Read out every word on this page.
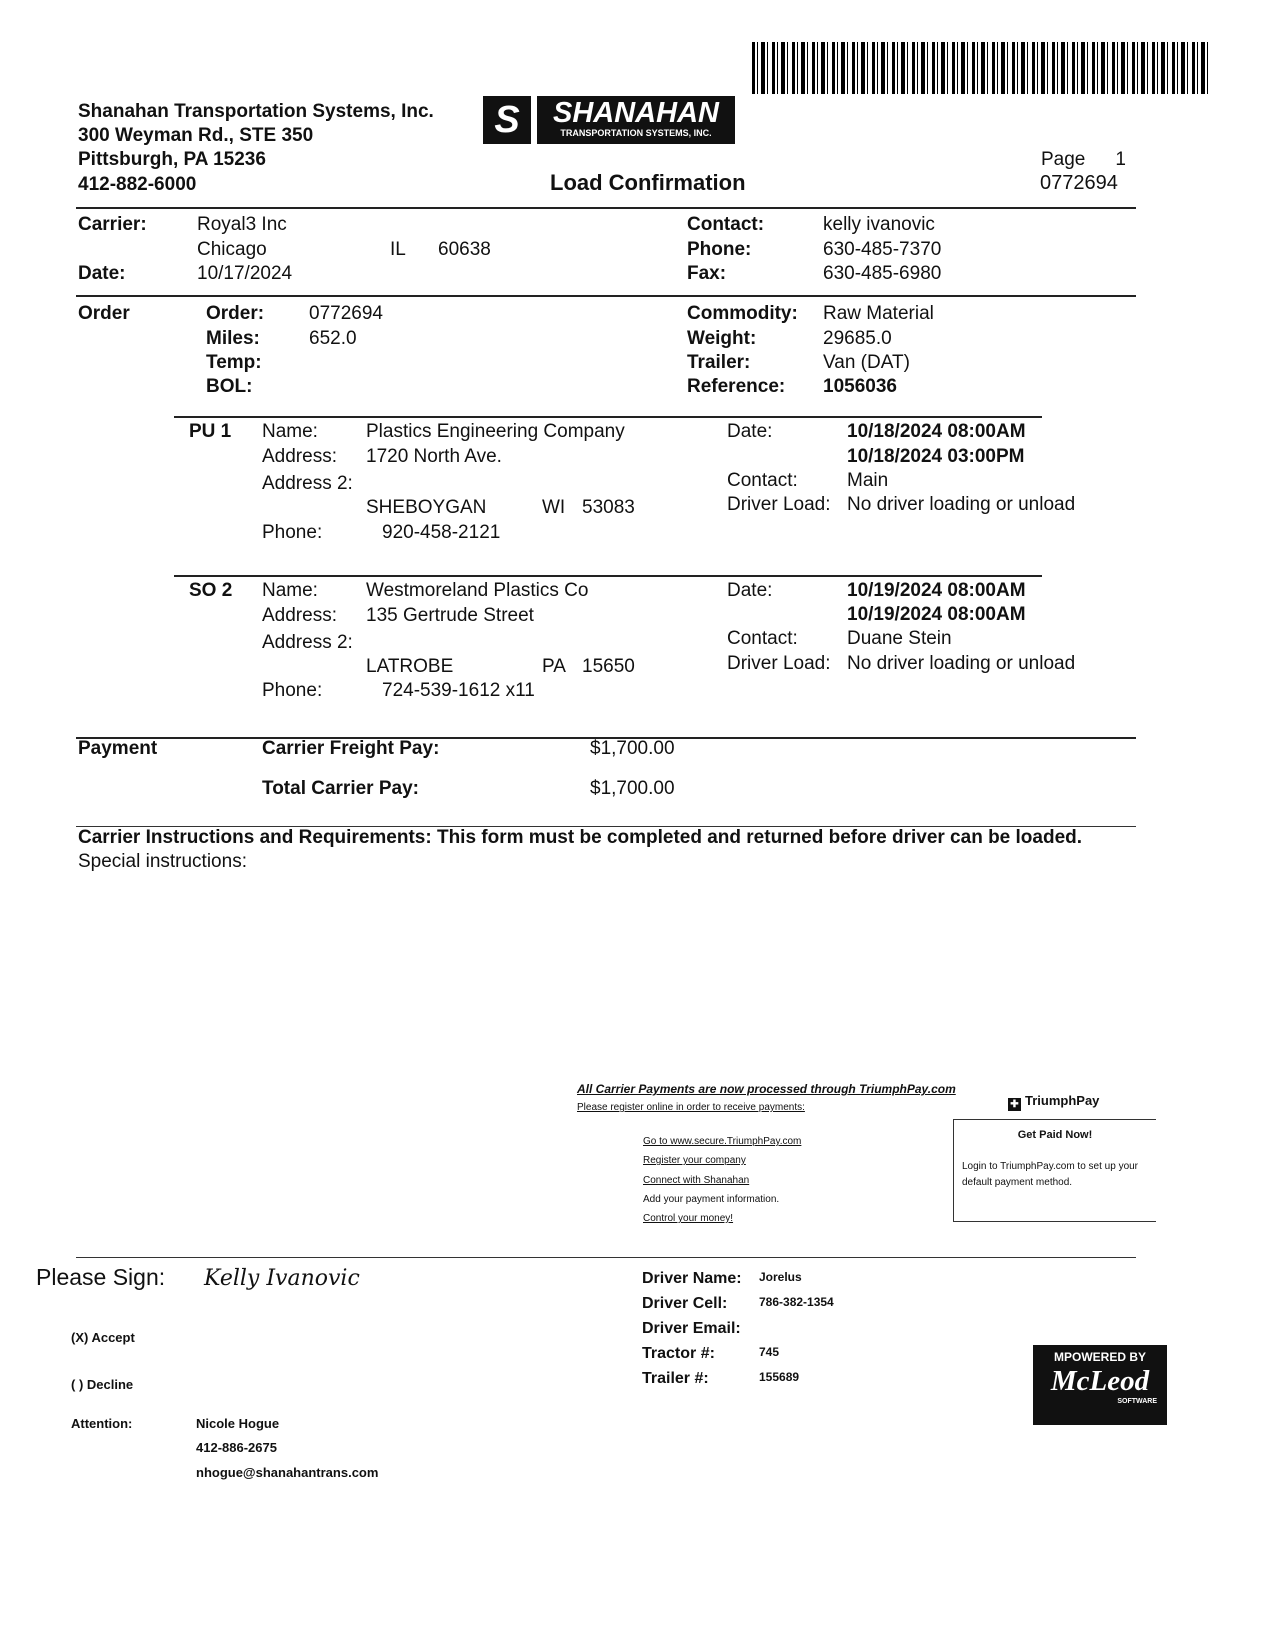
Shanahan Transportation Systems, Inc.
300 Weyman Rd., STE 350
Pittsburgh, PA 15236
412-882-6000
S	SHANAHAN
TRANSPORTATION SYSTEMS, INC.
Load Confirmation
Page 1
0772694
Carrier:	Royal3 Inc
Chicago	IL 60638
Date:	10/17/2024
Contact:	kelly ivanovic
Phone:	630-485-7370
Fax:	630-485-6980
Order	Order: 0772694
Miles:	652.0
Temp:
BOL:
Commodity: Raw Material
Weight:	29685.0
Trailer:	Van (DAT)
Reference: 1056036
PU 1 Name:	Plastics Engineering Company
Address: 1720 North Ave.
Address 2:
SHEBOYGAN	WI 53083
Phone:	920-458-2121
Date:	10/18/2024 08:00AM
10/18/2024 03:00PM
Contact:	Main
Driver Load: No driver loading or unload
SO 2 Name:	Westmoreland Plastics Co
Address: 135 Gertrude Street
Address 2:
LATROBE	PA 15650
Phone:	724-539-1612 x11
Date:	10/19/2024 08:00AM
10/19/2024 08:00AM
Contact:	Duane Stein
Driver Load: No driver loading or unload
Payment	Carrier Freight Pay:	$1,700.00
Total Carrier Pay:	$1,700.00
Carrier Instructions and Requirements: This form must be completed and returned before driver can be loaded.
Special instructions:
All Carrier Payments are now processed through TriumphPay.com
Please register online in order to receive payments:
Go to www.secure.TriumphPay.com
Register your company
Connect with Shanahan
Add your payment information.
Control your money!
✚ TriumphPay
Get Paid Now!
Login to TriumphPay.com to set up your default payment method.
Please Sign: Kelly Ivanovic
(X) Accept
( ) Decline
Attention:	Nicole Hogue
412-886-2675
nhogue@shanahantrans.com
Driver Name: Jorelus
Driver Cell:	786-382-1354
Driver Email:
Tractor #:	745
Trailer #:	155689
MPOWERED BY
McLeod
SOFTWARE
